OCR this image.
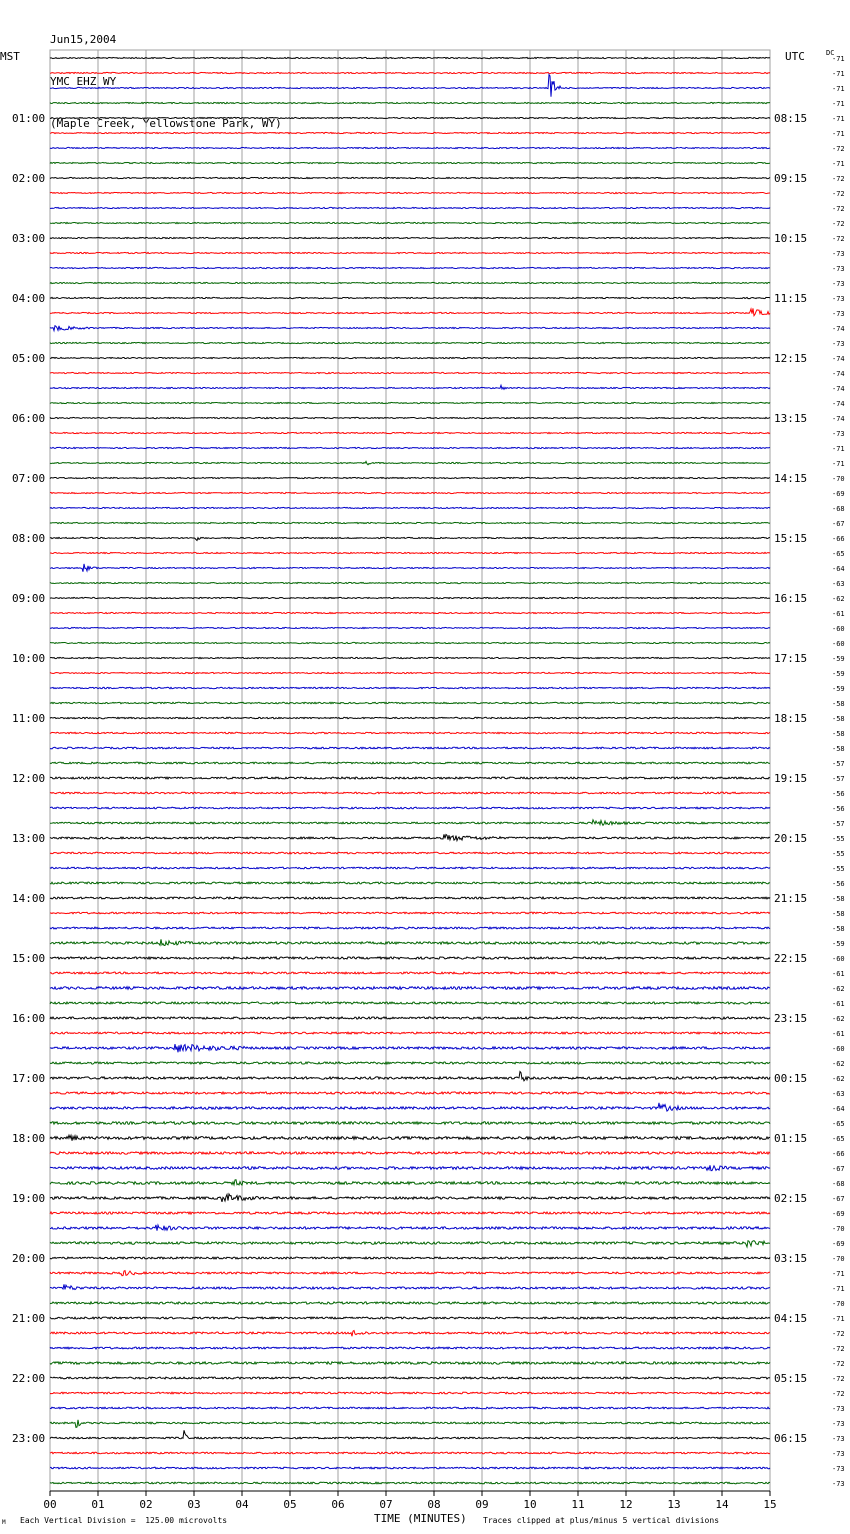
Jun15,2004

YMC EHZ WY

(Maple Creek, Yellowstone Park, WY)

MST	UTC	DC
01:00
02:00
03:00
04:00
05:00
06:00
07:00
08:00
09:00
10:00
11:00
12:00
13:00
14:00
15:00
16:00
17:00
18:00
19:00
20:00
21:00
22:00
23:00
08:15
09:15
10:15
11:15
12:15
13:15
14:15
15:15
16:15
17:15
18:15
19:15
20:15
21:15
22:15
23:15
00:15
01:15
02:15
03:15
04:15
05:15
06:15
-71
-71
-71
-71
-71
-71
-72
-71
-72
-72
-72
-72
-72
-73
-73
-73
-73
-73
-74
-73
-74
-74
-74
-74
-74
-73
-71
-71
-70
-69
-68
-67
-66
-65
-64
-63
-62
-61
-60
-60
-59
-59
-59
-58
-58
-58
-58
-57
-57
-56
-56
-57
-55
-55
-55
-56
-58
-58
-58
-59
-60
-61
-62
-61
-62
-61
-60
-62
-62
-63
-64
-65
-65
-66
-67
-68
-67
-69
-70
-69
-70
-71
-71
-70
-71
-72
-72
-72
-72
-72
-73
-73
-73
-73
-73
-73
00	01	02	03	04	05	06	07	08	09	10	11	12	13	14	15
M Each Vertical Division =  125.00 microvolts	TIME (MINUTES) Traces clipped at plus/minus 5 vertical divisions
